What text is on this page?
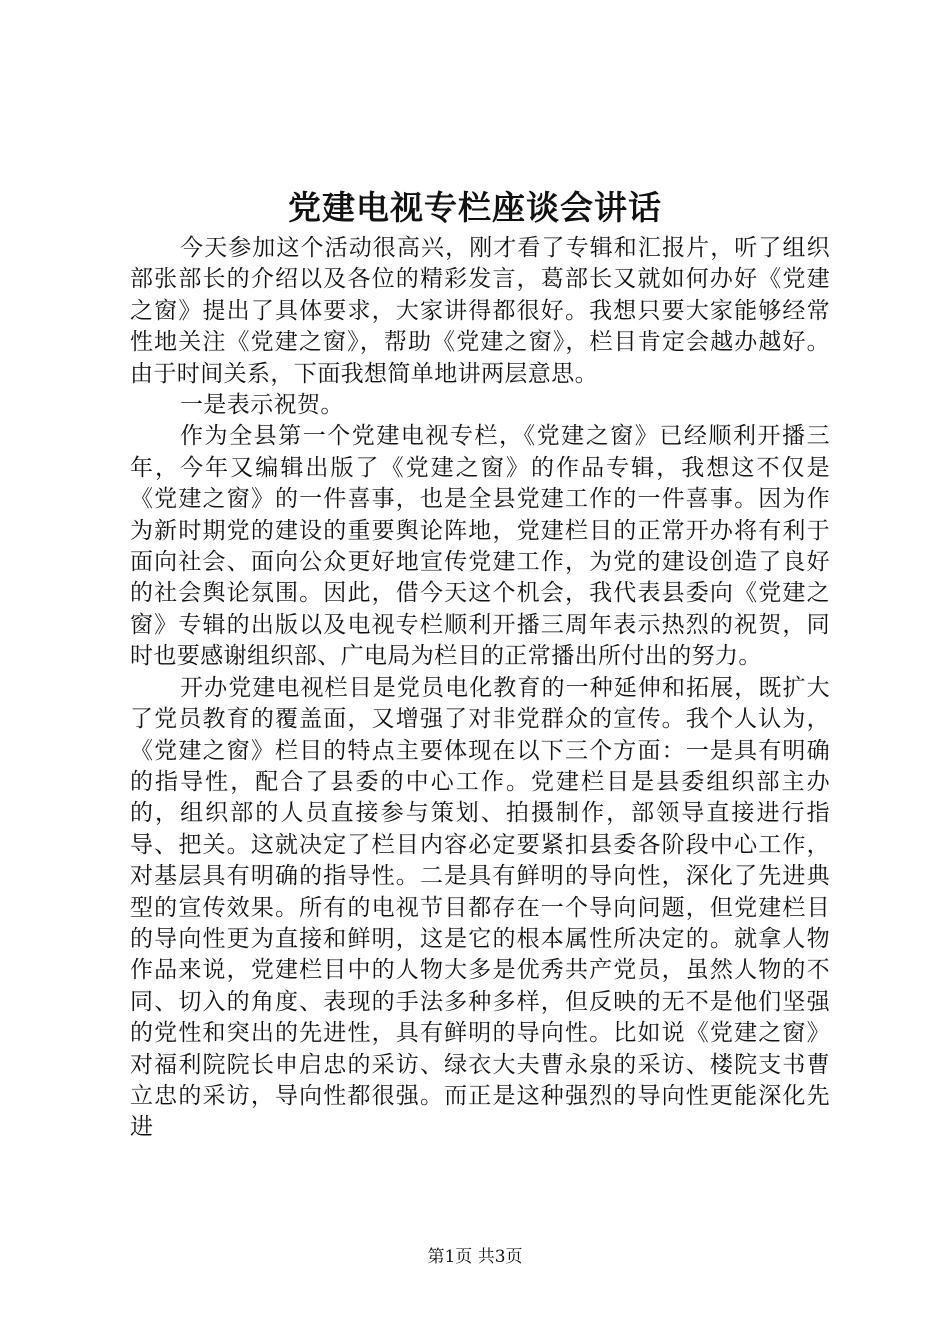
党建电视专栏座谈会讲话

今天参加这个活动很高兴，刚才看了专辑和汇报片，听了组织部张部长的介绍以及各位的精彩发言，葛部长又就如何办好《党建之窗》提出了具体要求，大家讲得都很好。我想只要大家能够经常性地关注《党建之窗》，帮助《党建之窗》，栏目肯定会越办越好。由于时间关系，下面我想简单地讲两层意思。

一是表示祝贺。

作为全县第一个党建电视专栏，《党建之窗》已经顺利开播三年，今年又编辑出版了《党建之窗》的作品专辑，我想这不仅是《党建之窗》的一件喜事，也是全县党建工作的一件喜事。因为作为新时期党的建设的重要舆论阵地，党建栏目的正常开办将有利于面向社会、面向公众更好地宣传党建工作，为党的建设创造了良好的社会舆论氛围。因此，借今天这个机会，我代表县委向《党建之窗》专辑的出版以及电视专栏顺利开播三周年表示热烈的祝贺，同时也要感谢组织部、广电局为栏目的正常播出所付出的努力。

开办党建电视栏目是党员电化教育的一种延伸和拓展，既扩大了党员教育的覆盖面，又增强了对非党群众的宣传。我个人认为，《党建之窗》栏目的特点主要体现在以下三个方面：一是具有明确的指导性，配合了县委的中心工作。党建栏目是县委组织部主办的，组织部的人员直接参与策划、拍摄制作，部领导直接进行指导、把关。这就决定了栏目内容必定要紧扣县委各阶段中心工作，对基层具有明确的指导性。二是具有鲜明的导向性，深化了先进典型的宣传效果。所有的电视节目都存在一个导向问题，但党建栏目的导向性更为直接和鲜明，这是它的根本属性所决定的。就拿人物作品来说，党建栏目中的人物大多是优秀共产党员，虽然人物的不同、切入的角度、表现的手法多种多样，但反映的无不是他们坚强的党性和突出的先进性，具有鲜明的导向性。比如说《党建之窗》对福利院院长申启忠的采访、绿衣大夫曹永泉的采访、楼院支书曹立忠的采访，导向性都很强。而正是这种强烈的导向性更能深化先进

第1页 共3页
